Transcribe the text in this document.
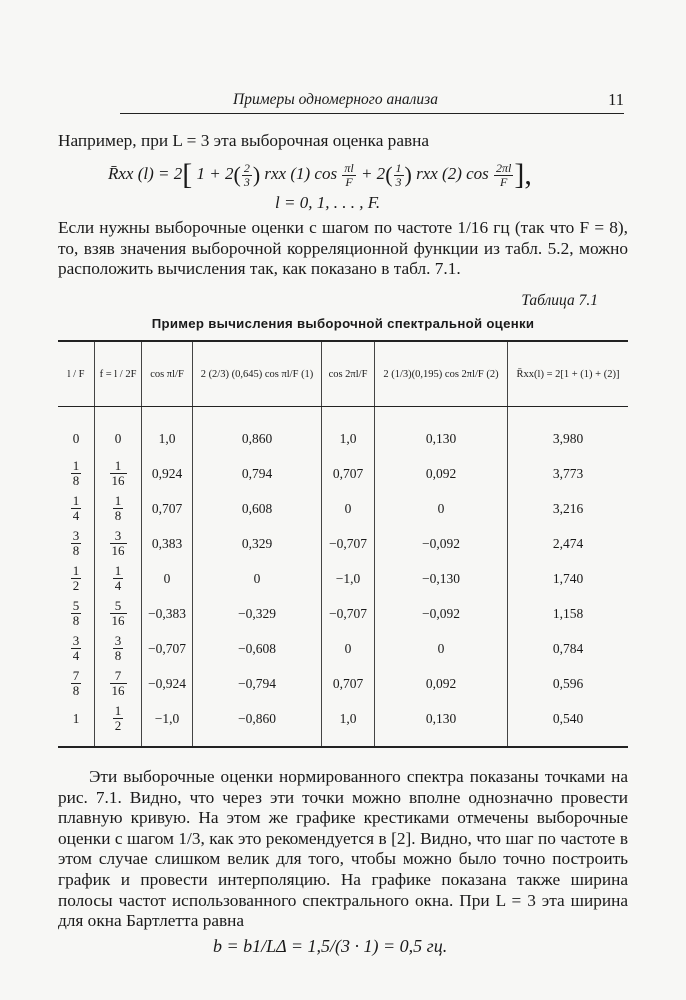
Примеры одномерного анализа	11
Например, при L = 3 эта выборочная оценка равна
R̄xx (l) = 2[ $1 + 2( \frac{2}{3}$ ) rxx (1) $\cos \frac{\pi l}{F} + 2( \frac{1}{3}$ ) rxx (2) $\cos \frac{2\pi l}{F}$ ],
l = 0, 1, . . . , F.
Если нужны выборочные оценки с шагом по частоте 1/16 гц (так что F = 8), то, взяв значения выборочной корреляционной функции из табл. 5.2, можно расположить вычисления так, как показано в табл. 7.1.
Таблица 7.1
Пример вычисления выборочной спектральной оценки
l / F	f = l / 2F	cos πl/F	2 (2/3) (0,645) cos πl/F (1)	cos 2πl/F	2 (1/3)(0,195) cos 2πl/F (2)	R̄xx(l) = 2[1 + (1) + (2)]
0	0	1,0	0,860	1,0	0,130	3,980

$\frac{1}{8}$	$\frac{1}{16}$	0,924	0,794	0,707	0,092	3,773

$\frac{1}{4}$	$\frac{1}{8}$	0,707	0,608	0	0	3,216

$\frac{3}{8}$	$\frac{3}{16}$	0,383	0,329	−0,707	−0,092	2,474

$\frac{1}{2}$	$\frac{1}{4}$	0	0	−1,0	−0,130	1,740

$\frac{5}{8}$	$\frac{5}{16}$	−0,383	−0,329	−0,707	−0,092	1,158

$\frac{3}{4}$	$\frac{3}{8}$	−0,707	−0,608	0	0	0,784

$\frac{7}{8}$	$\frac{7}{16}$	−0,924	−0,794	0,707	0,092	0,596
1	$\frac{1}{2}$	−1,0	−0,860	1,0	0,130	0,540
Эти выборочные оценки нормированного спектра показаны точками на рис. 7.1. Видно, что через эти точки можно вполне однозначно провести плавную кривую. На этом же графике крестиками отмечены выборочные оценки с шагом 1/3, как это рекомендуется в [2]. Видно, что шаг по частоте в этом случае слишком велик для того, чтобы можно было точно построить график и провести интерполяцию. На графике показана также ширина полосы частот использованного спектрального окна. При L = 3 эта ширина для окна Бартлетта равна
b = b1/LΔ = 1,5/(3 · 1) = 0,5 гц.
